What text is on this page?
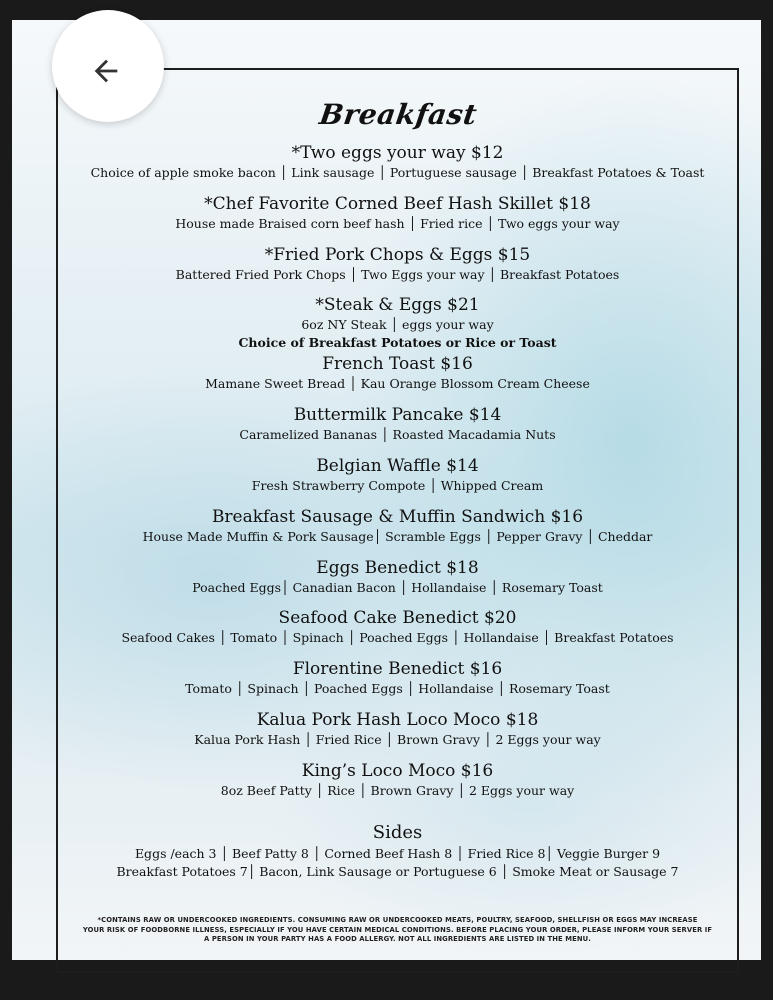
Breakfast
*Two eggs your way $12
Choice of apple smoke bacon │ Link sausage │ Portuguese sausage │ Breakfast Potatoes & Toast
*Chef Favorite Corned Beef Hash Skillet $18
House made Braised corn beef hash │ Fried rice │ Two eggs your way
*Fried Pork Chops & Eggs $15
Battered Fried Pork Chops │ Two Eggs your way │ Breakfast Potatoes
*Steak & Eggs $21
6oz NY Steak │ eggs your way
Choice of Breakfast Potatoes or Rice or Toast
French Toast $16
Mamane Sweet Bread │ Kau Orange Blossom Cream Cheese
Buttermilk Pancake $14
Caramelized Bananas │ Roasted Macadamia Nuts
Belgian Waffle $14
Fresh Strawberry Compote │ Whipped Cream
Breakfast Sausage & Muffin Sandwich $16
House Made Muffin & Pork Sausage│ Scramble Eggs │ Pepper Gravy │ Cheddar
Eggs Benedict $18
Poached Eggs│ Canadian Bacon │ Hollandaise │ Rosemary Toast
Seafood Cake Benedict $20
Seafood Cakes │ Tomato │ Spinach │ Poached Eggs │ Hollandaise │ Breakfast Potatoes
Florentine Benedict $16
Tomato │ Spinach │ Poached Eggs │ Hollandaise │ Rosemary Toast
Kalua Pork Hash Loco Moco $18
Kalua Pork Hash │ Fried Rice │ Brown Gravy │ 2 Eggs your way
King’s Loco Moco $16
8oz Beef Patty │ Rice │ Brown Gravy │ 2 Eggs your way
Sides
Eggs /each 3 │ Beef Patty 8 │ Corned Beef Hash 8 │ Fried Rice 8│ Veggie Burger 9
Breakfast Potatoes 7│ Bacon, Link Sausage or Portuguese 6 │ Smoke Meat or Sausage 7
*CONTAINS RAW OR UNDERCOOKED INGREDIENTS. CONSUMING RAW OR UNDERCOOKED MEATS, POULTRY, SEAFOOD, SHELLFISH OR EGGS MAY INCREASE
YOUR RISK OF FOODBORNE ILLNESS, ESPECIALLY IF YOU HAVE CERTAIN MEDICAL CONDITIONS. BEFORE PLACING YOUR ORDER, PLEASE INFORM YOUR SERVER IF
A PERSON IN YOUR PARTY HAS A FOOD ALLERGY. NOT ALL INGREDIENTS ARE LISTED IN THE MENU.
